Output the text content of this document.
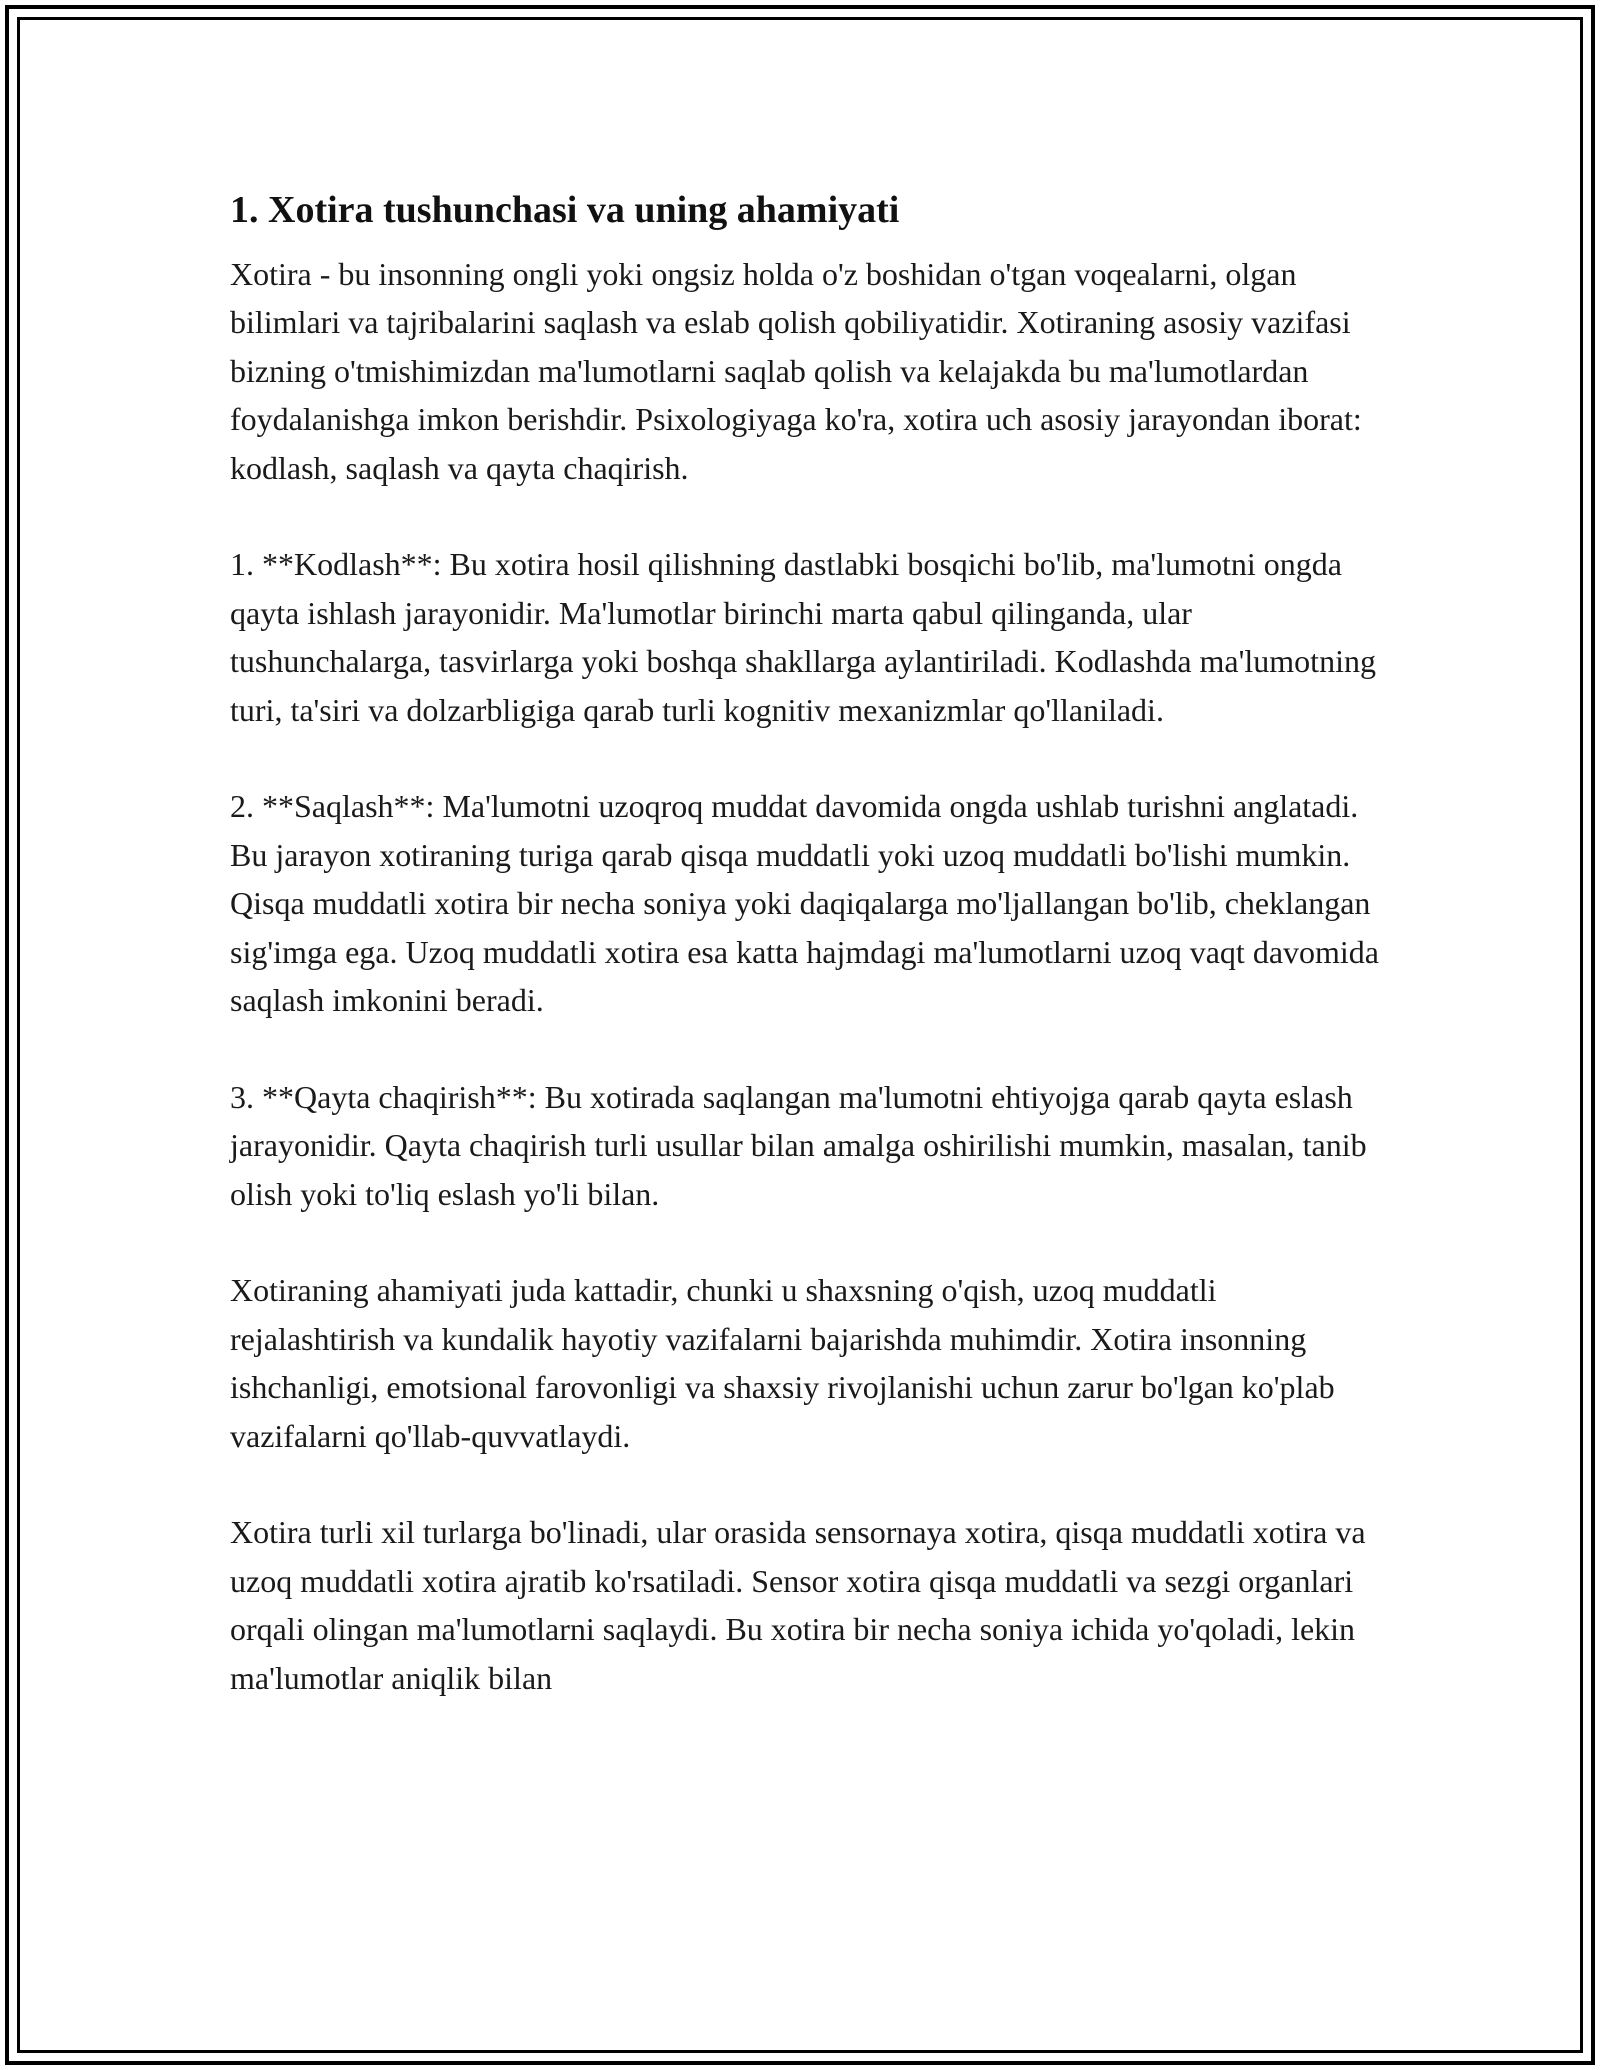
1. Xotira tushunchasi va uning ahamiyati

Xotira - bu insonning ongli yoki ongsiz holda o'z boshidan o'tgan voqealarni, olgan bilimlari va tajribalarini saqlash va eslab qolish qobiliyatidir. Xotiraning asosiy vazifasi bizning o'tmishimizdan ma'lumotlarni saqlab qolish va kelajakda bu ma'lumotlardan foydalanishga imkon berishdir. Psixologiyaga ko'ra, xotira uch asosiy jarayondan iborat: kodlash, saqlash va qayta chaqirish.

1. **Kodlash**: Bu xotira hosil qilishning dastlabki bosqichi bo'lib, ma'lumotni ongda qayta ishlash jarayonidir. Ma'lumotlar birinchi marta qabul qilinganda, ular tushunchalarga, tasvirlarga yoki boshqa shakllarga aylantiriladi. Kodlashda ma'lumotning turi, ta'siri va dolzarbligiga qarab turli kognitiv mexanizmlar qo'llaniladi.

2. **Saqlash**: Ma'lumotni uzoqroq muddat davomida ongda ushlab turishni anglatadi. Bu jarayon xotiraning turiga qarab qisqa muddatli yoki uzoq muddatli bo'lishi mumkin. Qisqa muddatli xotira bir necha soniya yoki daqiqalarga mo'ljallangan bo'lib, cheklangan sig'imga ega. Uzoq muddatli xotira esa katta hajmdagi ma'lumotlarni uzoq vaqt davomida saqlash imkonini beradi.

3. **Qayta chaqirish**: Bu xotirada saqlangan ma'lumotni ehtiyojga qarab qayta eslash jarayonidir. Qayta chaqirish turli usullar bilan amalga oshirilishi mumkin, masalan, tanib olish yoki to'liq eslash yo'li bilan.

Xotiraning ahamiyati juda kattadir, chunki u shaxsning o'qish, uzoq muddatli rejalashtirish va kundalik hayotiy vazifalarni bajarishda muhimdir. Xotira insonning ishchanligi, emotsional farovonligi va shaxsiy rivojlanishi uchun zarur bo'lgan ko'plab vazifalarni qo'llab-quvvatlaydi.

Xotira turli xil turlarga bo'linadi, ular orasida sensornaya xotira, qisqa muddatli xotira va uzoq muddatli xotira ajratib ko'rsatiladi. Sensor xotira qisqa muddatli va sezgi organlari orqali olingan ma'lumotlarni saqlaydi. Bu xotira bir necha soniya ichida yo'qoladi, lekin ma'lumotlar aniqlik bilan
